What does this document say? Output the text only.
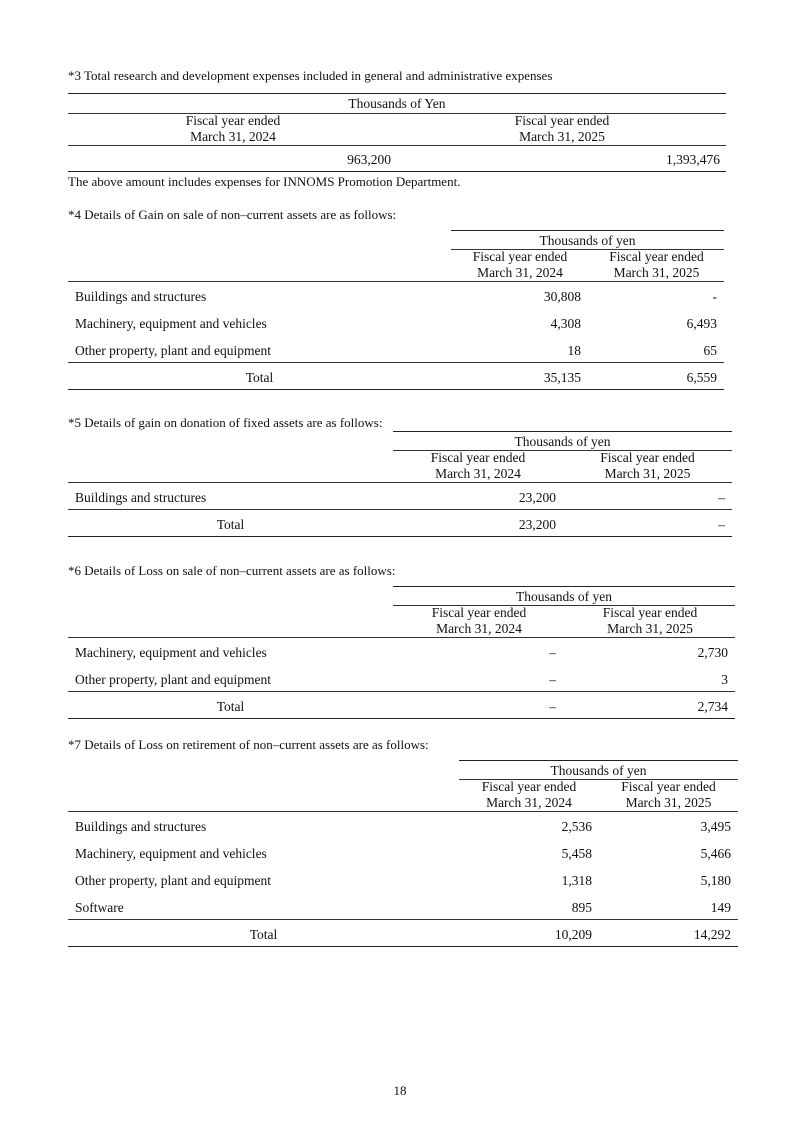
*3 Total research and development expenses included in general and administrative expenses
Thousands of Yen
Fiscal year ended
March 31, 2024
Fiscal year ended
March 31, 2025
963,200	1,393,476
The above amount includes expenses for INNOMS Promotion Department.
*4 Details of Gain on sale of non–current assets are as follows:
Thousands of yen
Fiscal year ended
March 31, 2024
Fiscal year ended
March 31, 2025
Buildings and structures	30,808	-
Machinery, equipment and vehicles	4,308	6,493
Other property, plant and equipment	18	65
Total	35,135	6,559
*5 Details of gain on donation of fixed assets are as follows:
Thousands of yen
Fiscal year ended
March 31, 2024
Fiscal year ended
March 31, 2025
Buildings and structures	23,200	–
Total	23,200	–
*6 Details of Loss on sale of non–current assets are as follows:
Thousands of yen
Fiscal year ended
March 31, 2024
Fiscal year ended
March 31, 2025
Machinery, equipment and vehicles	–	2,730
Other property, plant and equipment	–	3
Total	–	2,734
*7 Details of Loss on retirement of non–current assets are as follows:
Thousands of yen
Fiscal year ended
March 31, 2024
Fiscal year ended
March 31, 2025
Buildings and structures	2,536	3,495
Machinery, equipment and vehicles	5,458	5,466
Other property, plant and equipment	1,318	5,180
Software	895	149
Total	10,209	14,292
18
